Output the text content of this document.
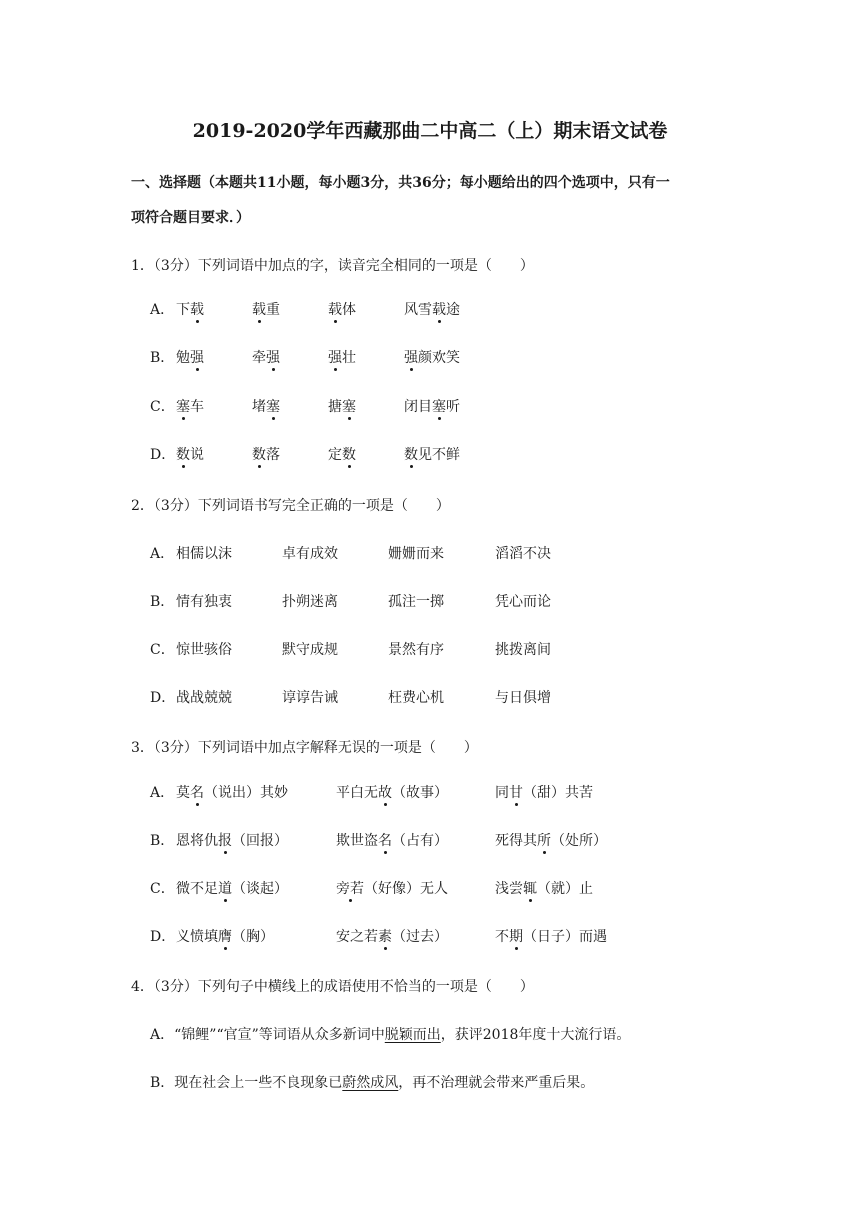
2019-2020学年西藏那曲二中高二（上）期末语文试卷
一、选择题（本题共11小题，每小题3分，共36分；每小题给出的四个选项中，只有一
项符合题目要求．）
1．（3分）下列词语中加点的字，读音完全相同的一项是（　　）
A． 下载	载重	载体	风雪载途
B． 勉强	牵强	强壮	强颜欢笑
C． 塞车	堵塞	搪塞	闭目塞听
D． 数说	数落	定数	数见不鲜
2．（3分）下列词语书写完全正确的一项是（　　）
A． 相儒以沫	卓有成效	姗姗而来	滔滔不决
B． 情有独衷	扑朔迷离	孤注一掷	凭心而论
C． 惊世骇俗	默守成规	景然有序	挑拨离间
D． 战战兢兢	谆谆告诫	枉费心机	与日俱增
3．（3分）下列词语中加点字解释无误的一项是（　　）
A． 莫名（说出）其妙	平白无故（故事）	同甘（甜）共苦
B． 恩将仇报（回报）	欺世盗名（占有）	死得其所（处所）
C． 微不足道（谈起）	旁若（好像）无人	浅尝辄（就）止
D． 义愤填膺（胸）	安之若素（过去）	不期（日子）而遇
4．（3分）下列句子中横线上的成语使用不恰当的一项是（　　）
A．“锦鲤”“官宣”等词语从众多新词中脱颖而出，获评2018年度十大流行语。
B．现在社会上一些不良现象已蔚然成风，再不治理就会带来严重后果。
